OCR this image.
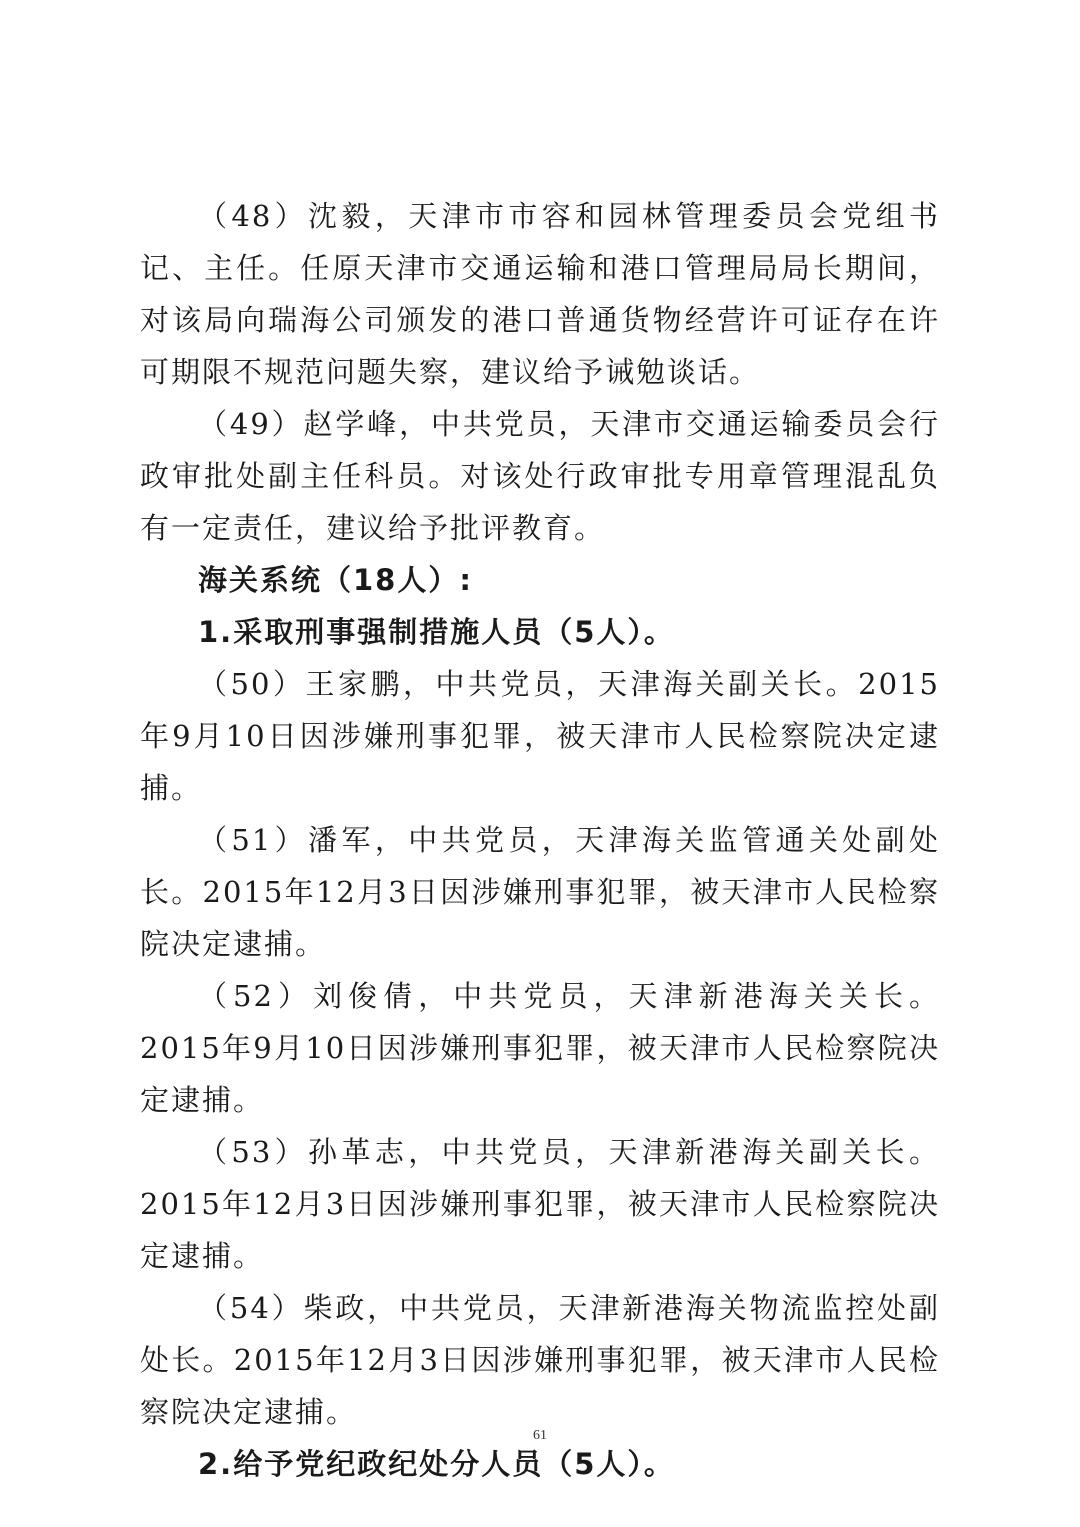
（48）沈毅，天津市市容和园林管理委员会党组书记、主任。任原天津市交通运输和港口管理局局长期间，对该局向瑞海公司颁发的港口普通货物经营许可证存在许可期限不规范问题失察，建议给予诫勉谈话。

（49）赵学峰，中共党员，天津市交通运输委员会行政审批处副主任科员。对该处行政审批专用章管理混乱负有一定责任，建议给予批评教育。

海关系统（18人）:

1.采取刑事强制措施人员（5人）。

（50）王家鹏，中共党员，天津海关副关长。2015年9月10日因涉嫌刑事犯罪，被天津市人民检察院决定逮捕。

（51）潘军，中共党员，天津海关监管通关处副处长。2015年12月3日因涉嫌刑事犯罪，被天津市人民检察院决定逮捕。

（52）刘俊倩，中共党员，天津新港海关关长。2015年9月10日因涉嫌刑事犯罪，被天津市人民检察院决定逮捕。

（53）孙革志，中共党员，天津新港海关副关长。2015年12月3日因涉嫌刑事犯罪，被天津市人民检察院决定逮捕。

（54）柴政，中共党员，天津新港海关物流监控处副处长。2015年12月3日因涉嫌刑事犯罪，被天津市人民检察院决定逮捕。

2.给予党纪政纪处分人员（5人）。

61
